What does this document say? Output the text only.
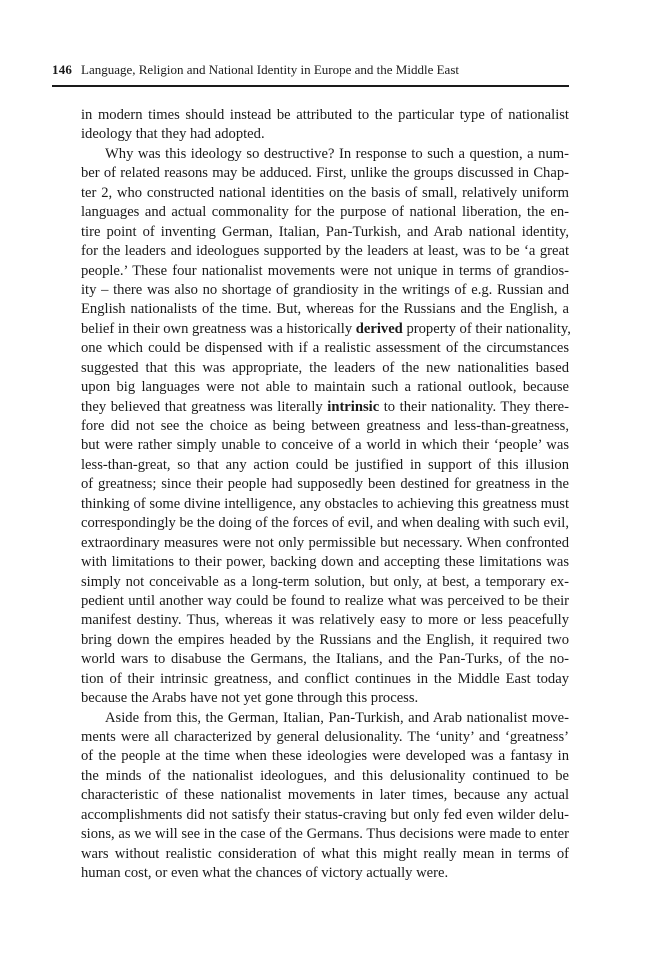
146 Language, Religion and National Identity in Europe and the Middle East
in modern times should instead be attributed to the particular type of nationalist
ideology that they had adopted.
Why was this ideology so destructive? In response to such a question, a num-
ber of related reasons may be adduced. First, unlike the groups discussed in Chap-
ter 2, who constructed national identities on the basis of small, relatively uniform
languages and actual commonality for the purpose of national liberation, the en-
tire point of inventing German, Italian, Pan-Turkish, and Arab national identity,
for the leaders and ideologues supported by the leaders at least, was to be ‘a great
people.’ These four nationalist movements were not unique in terms of grandios-
ity – there was also no shortage of grandiosity in the writings of e.g. Russian and
English nationalists of the time. But, whereas for the Russians and the English, a
belief in their own greatness was a historically derived property of their nationality,
one which could be dispensed with if a realistic assessment of the circumstances
suggested that this was appropriate, the leaders of the new nationalities based
upon big languages were not able to maintain such a rational outlook, because
they believed that greatness was literally intrinsic to their nationality. They there-
fore did not see the choice as being between greatness and less-than-greatness,
but were rather simply unable to conceive of a world in which their ‘people’ was
less-than-great, so that any action could be justified in support of this illusion
of greatness; since their people had supposedly been destined for greatness in the
thinking of some divine intelligence, any obstacles to achieving this greatness must
correspondingly be the doing of the forces of evil, and when dealing with such evil,
extraordinary measures were not only permissible but necessary. When confronted
with limitations to their power, backing down and accepting these limitations was
simply not conceivable as a long-term solution, but only, at best, a temporary ex-
pedient until another way could be found to realize what was perceived to be their
manifest destiny. Thus, whereas it was relatively easy to more or less peacefully
bring down the empires headed by the Russians and the English, it required two
world wars to disabuse the Germans, the Italians, and the Pan-Turks, of the no-
tion of their intrinsic greatness, and conflict continues in the Middle East today
because the Arabs have not yet gone through this process.
Aside from this, the German, Italian, Pan-Turkish, and Arab nationalist move-
ments were all characterized by general delusionality. The ‘unity’ and ‘greatness’
of the people at the time when these ideologies were developed was a fantasy in
the minds of the nationalist ideologues, and this delusionality continued to be
characteristic of these nationalist movements in later times, because any actual
accomplishments did not satisfy their status-craving but only fed even wilder delu-
sions, as we will see in the case of the Germans. Thus decisions were made to enter
wars without realistic consideration of what this might really mean in terms of
human cost, or even what the chances of victory actually were.
